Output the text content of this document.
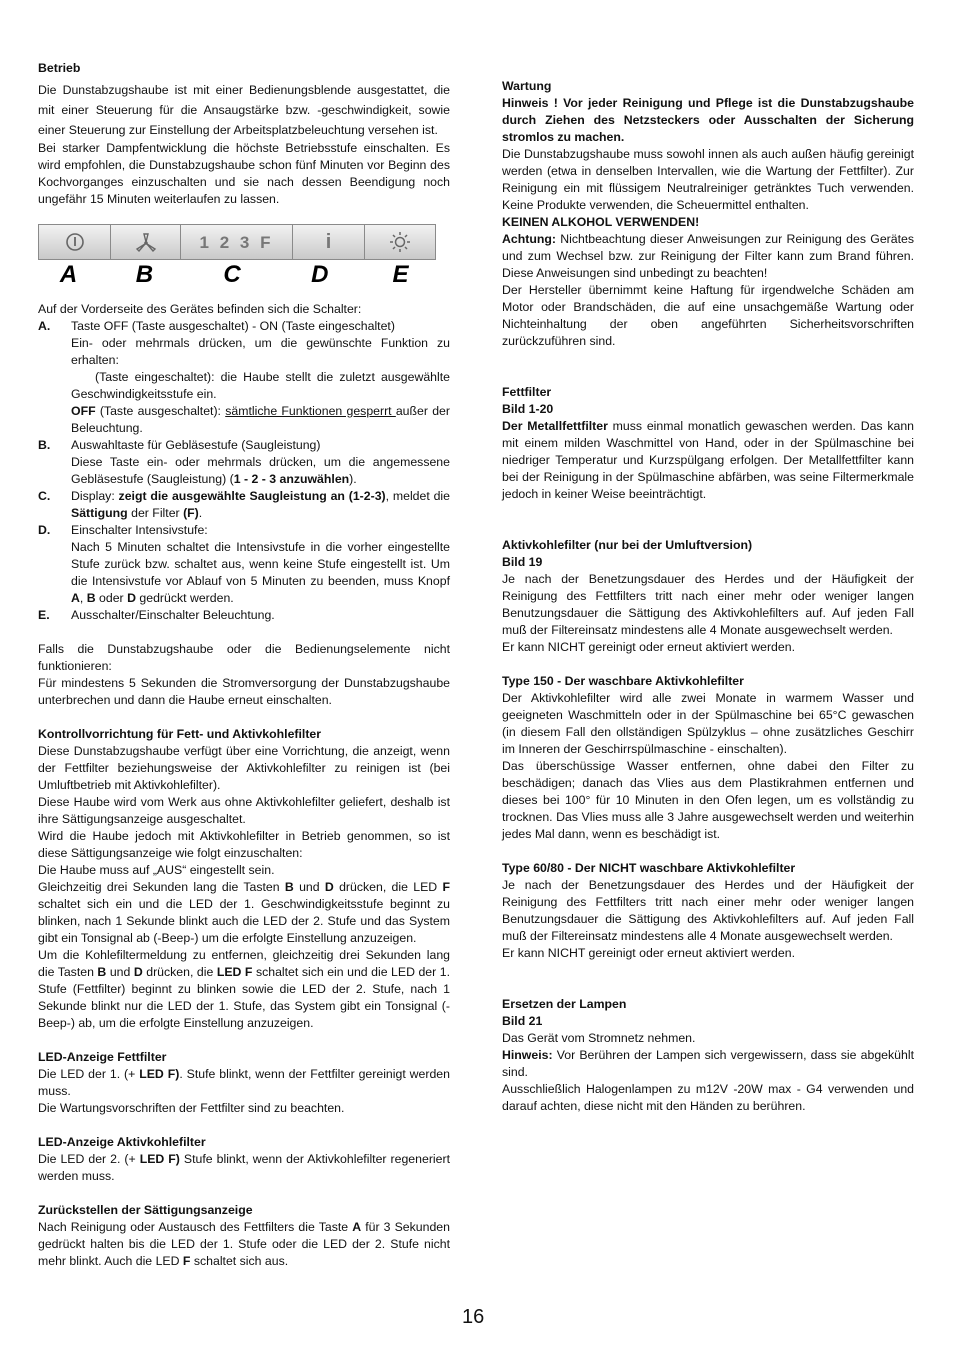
Betrieb

Die Dunstabzugshaube ist mit einer Bedienungsblende ausgestattet, die mit einer Steuerung für die Ansaugstärke bzw. -geschwindigkeit, sowie einer Steuerung zur Einstellung der Arbeitsplatzbeleuchtung versehen ist.

Bei starker Dampfentwicklung die höchste Betriebsstufe einschalten. Es wird empfohlen, die Dunstabzugshaube schon fünf Minuten vor Beginn des Kochvorganges einzuschalten und sie nach dessen Beendigung noch ungefähr 15 Minuten weiterlaufen zu lassen.

1 2 3 F	i
A	B	C	D	E

Auf der Vorderseite des Gerätes befinden sich die Schalter:

A.	Taste OFF (Taste ausgeschaltet) - ON (Taste eingeschaltet)

Ein- oder mehrmals drücken, um die gewünschte Funktion zu erhalten:

(Taste eingeschaltet): die Haube stellt die zuletzt ausgewählte Geschwindigkeitsstufe ein.

OFF (Taste ausgeschaltet): sämtliche Funktionen gesperrt außer der Beleuchtung.

B.	Auswahltaste für Gebläsestufe (Saugleistung)

Diese Taste ein- oder mehrmals drücken, um die angemessene Gebläsestufe (Saugleistung) (1 - 2 - 3 anzuwählen).

C.	Display: zeigt die ausgewählte Saugleistung an (1-2-3), meldet die Sättigung der Filter (F).
D.	Einschalter Intensivstufe:

Nach 5 Minuten schaltet die Intensivstufe in die vorher eingestellte Stufe zurück bzw. schaltet aus, wenn keine Stufe eingestellt ist. Um die Intensivstufe vor Ablauf von 5 Minuten zu beenden, muss Knopf A, B oder D gedrückt werden.

E.	Ausschalter/Einschalter Beleuchtung.

Falls die Dunstabzugshaube oder die Bedienungselemente nicht funktionieren:

Für mindestens 5 Sekunden die Stromversorgung der Dunstabzugshaube unterbrechen und dann die Haube erneut einschalten.

Kontrollvorrichtung für Fett- und Aktivkohlefilter

Diese Dunstabzugshaube verfügt über eine Vorrichtung, die anzeigt, wenn der Fettfilter beziehungsweise der Aktivkohlefilter zu reinigen ist (bei Umluftbetrieb mit Aktivkohlefilter).

Diese Haube wird vom Werk aus ohne Aktivkohlefilter geliefert, deshalb ist ihre Sättigungsanzeige ausgeschaltet.

Wird die Haube jedoch mit Aktivkohlefilter in Betrieb genommen, so ist diese Sättigungsanzeige wie folgt einzuschalten:

Die Haube muss auf „AUS“ eingestellt sein.

Gleichzeitig drei Sekunden lang die Tasten B und D drücken, die LED F schaltet sich ein und die LED der 1. Geschwindigkeitsstufe beginnt zu blinken, nach 1 Sekunde blinkt auch die LED der 2. Stufe und das System gibt ein Tonsignal ab (-Beep-) um die erfolgte Einstellung anzuzeigen.

Um die Kohlefiltermeldung zu entfernen, gleichzeitig drei Sekunden lang die Tasten B und D drücken, die LED F schaltet sich ein und die LED der 1. Stufe (Fettfilter) beginnt zu blinken sowie die LED der 2. Stufe, nach 1 Sekunde blinkt nur die LED der 1. Stufe, das System gibt ein Tonsignal (-Beep-) ab, um die erfolgte Einstellung anzuzeigen.

LED-Anzeige Fettfilter

Die LED der 1. (+ LED F). Stufe blinkt, wenn der Fettfilter gereinigt werden muss.

Die Wartungsvorschriften der Fettfilter sind zu beachten.

LED-Anzeige Aktivkohlefilter

Die LED der 2. (+ LED F) Stufe blinkt, wenn der Aktivkohlefilter regeneriert werden muss.

Zurückstellen der Sättigungsanzeige

Nach Reinigung oder Austausch des Fettfilters die Taste A für 3 Sekunden gedrückt halten bis die LED der 1. Stufe oder die LED der 2. Stufe nicht mehr blinkt. Auch die LED F schaltet sich aus.

Wartung

Hinweis ! Vor jeder Reinigung und Pflege ist die Dunstabzugshaube durch Ziehen des Netzsteckers oder Ausschalten der Sicherung stromlos zu machen.

Die Dunstabzugshaube muss sowohl innen als auch außen häufig gereinigt werden (etwa in denselben Intervallen, wie die Wartung der Fettfilter). Zur Reinigung ein mit flüssigem Neutralreiniger getränktes Tuch verwenden. Keine Produkte verwenden, die Scheuermittel enthalten.

KEINEN ALKOHOL VERWENDEN!

Achtung: Nichtbeachtung dieser Anweisungen zur Reinigung des Gerätes und zum Wechsel bzw. zur Reinigung der Filter kann zum Brand führen. Diese Anweisungen sind unbedingt zu beachten!

Der Hersteller übernimmt keine Haftung für irgendwelche Schäden am Motor oder Brandschäden, die auf eine unsachgemäße Wartung oder Nichteinhaltung der oben angeführten Sicherheitsvorschriften zurückzuführen sind.

Fettfilter

Bild 1-20

Der Metallfettfilter muss einmal monatlich gewaschen werden. Das kann mit einem milden Waschmittel von Hand, oder in der Spülmaschine bei niedriger Temperatur und Kurzspülgang erfolgen. Der Metallfettfilter kann bei der Reinigung in der Spülmaschine abfärben, was seine Filtermerkmale jedoch in keiner Weise beeinträchtigt.

Aktivkohlefilter (nur bei der Umluftversion)

Bild 19

Je nach der Benetzungsdauer des Herdes und der Häufigkeit der Reinigung des Fettfilters tritt nach einer mehr oder weniger langen Benutzungsdauer die Sättigung des Aktivkohlefilters auf. Auf jeden Fall muß der Filtereinsatz mindestens alle 4 Monate ausgewechselt werden.

Er kann NICHT gereinigt oder erneut aktiviert werden.

Type 150 - Der waschbare Aktivkohlefilter

Der Aktivkohlefilter wird alle zwei Monate in warmem Wasser und geeigneten Waschmitteln oder in der Spülmaschine bei 65°C gewaschen (in diesem Fall den ollständigen Spülzyklus – ohne zusätzliches Geschirr im Inneren der Geschirrspülmaschine - einschalten).

Das überschüssige Wasser entfernen, ohne dabei den Filter zu beschädigen; danach das Vlies aus dem Plastikrahmen entfernen und dieses bei 100° für 10 Minuten in den Ofen legen, um es vollständig zu trocknen. Das Vlies muss alle 3 Jahre ausgewechselt werden und weiterhin jedes Mal dann, wenn es beschädigt ist.

Type 60/80 - Der NICHT waschbare Aktivkohlefilter

Je nach der Benetzungsdauer des Herdes und der Häufigkeit der Reinigung des Fettfilters tritt nach einer mehr oder weniger langen Benutzungsdauer die Sättigung des Aktivkohlefilters auf. Auf jeden Fall muß der Filtereinsatz mindestens alle 4 Monate ausgewechselt werden.

Er kann NICHT gereinigt oder erneut aktiviert werden.

Ersetzen der Lampen

Bild 21

Das Gerät vom Stromnetz nehmen.

Hinweis: Vor Berühren der Lampen sich vergewissern, dass sie abgekühlt sind.

Ausschließlich Halogenlampen zu m12V -20W max - G4 verwenden und darauf achten, diese nicht mit den Händen zu berühren.

16
